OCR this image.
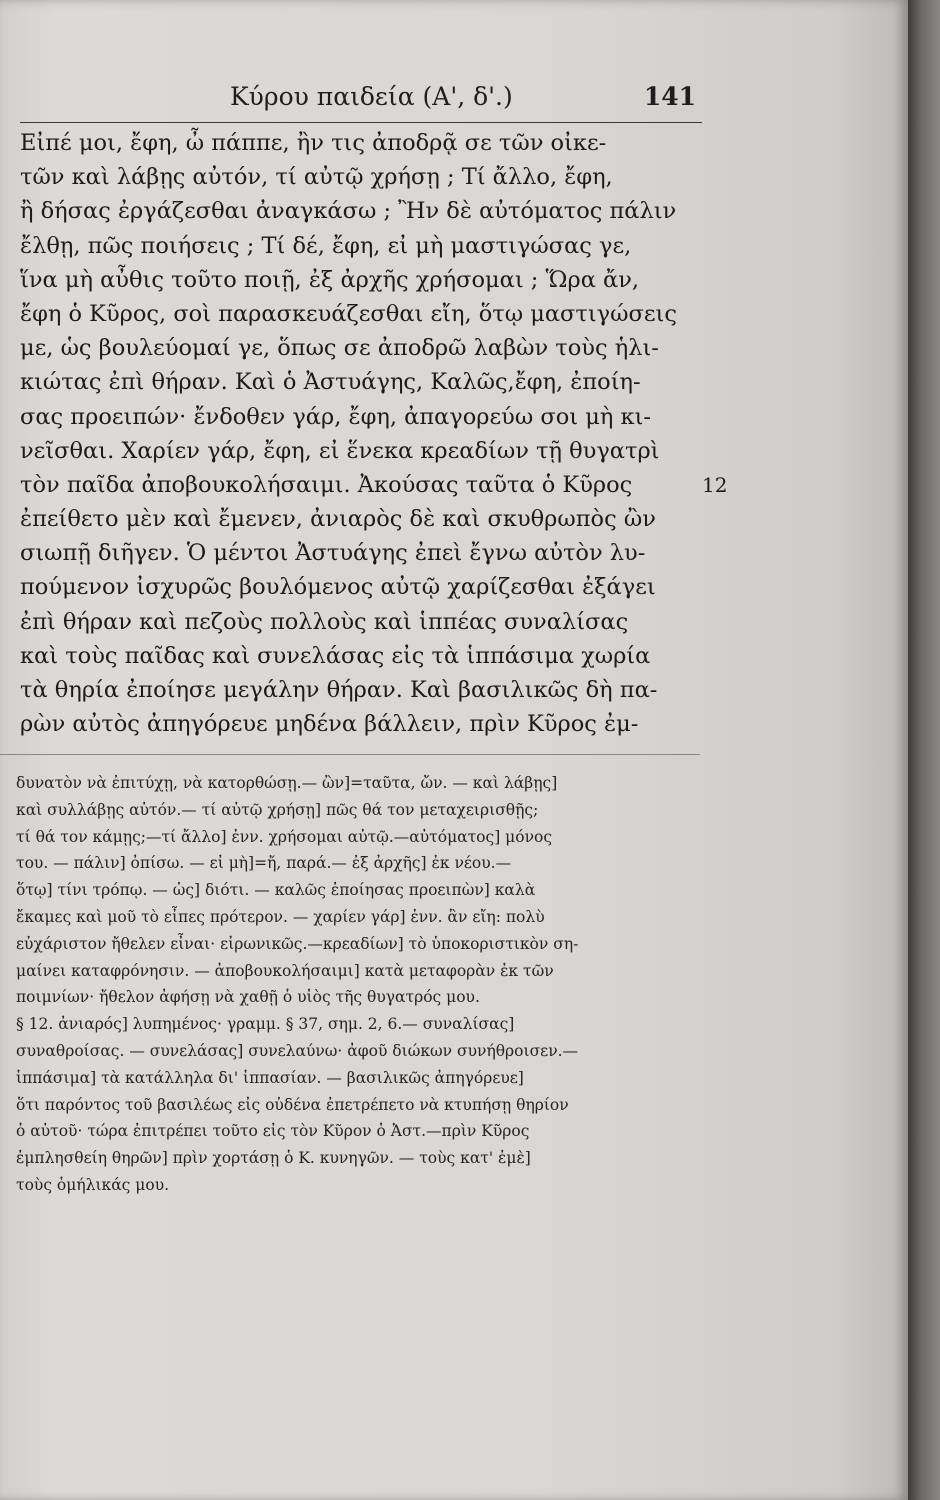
Κύρου παιδεία (Α', δ'.)	141
Εἰπέ μοι, ἔφη, ὦ πάππε, ἢν τις ἀποδρᾷ σε τῶν οἰκε-
τῶν καὶ λάβῃς αὐτόν, τί αὐτῷ χρήσῃ ; Τί ἄλλο, ἔφη,
ἢ δήσας ἐργάζεσθαι ἀναγκάσω ; Ἢν δὲ αὐτόματος πάλιν
ἔλθῃ, πῶς ποιήσεις ; Τί δέ, ἔφη, εἰ μὴ μαστιγώσας γε,
ἵνα μὴ αὖθις τοῦτο ποιῇ, ἐξ ἀρχῆς χρήσομαι ; Ὥρα ἄν,
ἔφη ὁ Κῦρος, σοὶ παρασκευάζεσθαι εἴη, ὅτῳ μαστιγώσεις
με, ὡς βουλεύομαί γε, ὅπως σε ἀποδρῶ λαβὼν τοὺς ἡλι-
κιώτας ἐπὶ θήραν. Καὶ ὁ Ἀστυάγης, Καλῶς,ἔφη, ἐποίη-
σας προειπών· ἔνδοθεν γάρ, ἔφη, ἀπαγορεύω σοι μὴ κι-
νεῖσθαι. Χαρίεν γάρ, ἔφη, εἰ ἕνεκα κρεαδίων τῇ θυγατρὶ
τὸν παῖδα ἀποβουκολήσαιμι. Ἀκούσας ταῦτα ὁ Κῦρος	12
ἐπείθετο μὲν καὶ ἔμενεν, ἀνιαρὸς δὲ καὶ σκυθρωπὸς ὢν
σιωπῇ διῆγεν. Ὁ μέντοι Ἀστυάγης ἐπεὶ ἔγνω αὐτὸν λυ-
πούμενον ἰσχυρῶς βουλόμενος αὐτῷ χαρίζεσθαι ἐξάγει
ἐπὶ θήραν καὶ πεζοὺς πολλοὺς καὶ ἱππέας συναλίσας
καὶ τοὺς παῖδας καὶ συνελάσας εἰς τὰ ἱππάσιμα χωρία
τὰ θηρία ἐποίησε μεγάλην θήραν. Καὶ βασιλικῶς δὴ πα-
ρὼν αὐτὸς ἀπηγόρευε μηδένα βάλλειν, πρὶν Κῦρος ἐμ-
δυνατὸν νὰ ἐπιτύχῃ, νὰ κατορθώσῃ.— ὢν]=ταῦτα, ὤν. — καὶ λάβῃς]
καὶ συλλάβῃς αὐτόν.— τί αὐτῷ χρήσῃ] πῶς θά τον μεταχειρισθῇς;
τί θά τον κάμῃς;—τί ἄλλο] ἐνν. χρήσομαι αὐτῷ.—αὐτόματος] μόνος
του. — πάλιν] ὀπίσω. — εἰ μὴ]=ἤ, παρά.— ἐξ ἀρχῆς] ἐκ νέου.—
ὅτῳ] τίνι τρόπῳ. — ὡς] διότι. — καλῶς ἐποίησας προειπὼν] καλὰ
ἔκαμες καὶ μοῦ τὸ εἶπες πρότερον. — χαρίεν γάρ] ἐνν. ἂν εἴη: πολὺ
εὐχάριστον ἤθελεν εἶναι· εἰρωνικῶς.—κρεαδίων] τὸ ὑποκοριστικὸν ση-
μαίνει καταφρόνησιν. — ἀποβουκολήσαιμι] κατὰ μεταφορὰν ἐκ τῶν
ποιμνίων· ἤθελον ἀφήσῃ νὰ χαθῇ ὁ υἱὸς τῆς θυγατρός μου.
§ 12. ἀνιαρός] λυπημένος· γραμμ. § 37, σημ. 2, 6.— συναλίσας]
συναθροίσας. — συνελάσας] συνελαύνω· ἀφοῦ διώκων συνήθροισεν.—
ἱππάσιμα] τὰ κατάλληλα δι' ἱππασίαν. — βασιλικῶς ἀπηγόρευε]
ὅτι παρόντος τοῦ βασιλέως εἰς οὐδένα ἐπετρέπετο νὰ κτυπήσῃ θηρίον
ὁ αὐτοῦ· τώρα ἐπιτρέπει τοῦτο εἰς τὸν Κῦρον ὁ Ἀστ.—πρὶν Κῦρος
ἐμπλησθείη θηρῶν] πρὶν χορτάσῃ ὁ Κ. κυνηγῶν. — τοὺς κατ' ἐμὲ]
τοὺς ὁμήλικάς μου.
